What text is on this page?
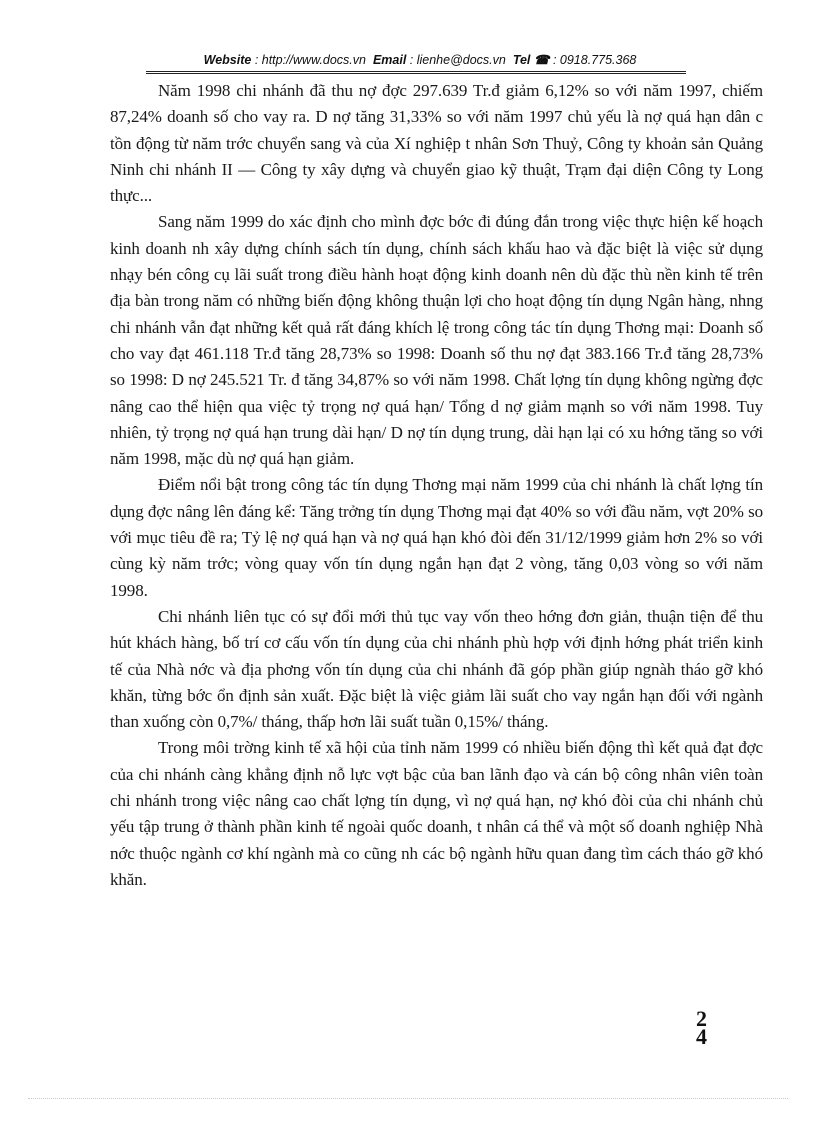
Website : http://www.docs.vn Email : lienhe@docs.vn Tel ☎ : 0918.775.368

Năm 1998 chi nhánh đã thu nợ đợc 297.639 Tr.đ giảm 6,12% so với năm 1997, chiếm 87,24% doanh số cho vay ra. D nợ tăng 31,33% so với năm 1997 chủ yếu là nợ quá hạn dân c tồn động từ năm trớc chuyển sang và của Xí nghiệp t nhân Sơn Thuỷ, Công ty khoản sản Quảng Ninh chi nhánh II — Công ty xây dựng và chuyển giao kỹ thuật, Trạm đại diện Công ty Long thực...

Sang năm 1999 do xác định cho mình đợc bớc đi đúng đắn trong việc thực hiện kế hoạch kinh doanh nh xây dựng chính sách tín dụng, chính sách khấu hao và đặc biệt là việc sử dụng nhạy bén công cụ lãi suất trong điều hành hoạt động kinh doanh nên dù đặc thù nền kinh tế trên địa bàn trong năm có những biến động không thuận lợi cho hoạt động tín dụng Ngân hàng, nhng chi nhánh vẫn đạt những kết quả rất đáng khích lệ trong công tác tín dụng Thơng mại: Doanh số cho vay đạt 461.118 Tr.đ tăng 28,73% so 1998: Doanh số thu nợ đạt 383.166 Tr.đ tăng 28,73% so 1998: D nợ 245.521 Tr. đ tăng 34,87% so với năm 1998. Chất lợng tín dụng không ngừng đợc nâng cao thể hiện qua việc tỷ trọng nợ quá hạn/ Tổng d nợ giảm mạnh so với năm 1998. Tuy nhiên, tỷ trọng nợ quá hạn trung dài hạn/ D nợ tín dụng trung, dài hạn lại có xu hớng tăng so với năm 1998, mặc dù nợ quá hạn giảm.

Điểm nổi bật trong công tác tín dụng Thơng mại năm 1999 của chi nhánh là chất lợng tín dụng đợc nâng lên đáng kể: Tăng trởng tín dụng Thơng mại đạt 40% so với đầu năm, vợt 20% so với mục tiêu đề ra; Tỷ lệ nợ quá hạn và nợ quá hạn khó đòi đến 31/12/1999 giảm hơn 2% so với cùng kỳ năm trớc; vòng quay vốn tín dụng ngắn hạn đạt 2 vòng, tăng 0,03 vòng so với năm 1998.

Chi nhánh liên tục có sự đổi mới thủ tục vay vốn theo hớng đơn giản, thuận tiện để thu hút khách hàng, bố trí cơ cấu vốn tín dụng của chi nhánh phù hợp với định hớng phát triển kinh tế của Nhà nớc và địa phơng vốn tín dụng của chi nhánh đã góp phần giúp ngnàh tháo gỡ khó khăn, từng bớc ổn định sản xuất. Đặc biệt là việc giảm lãi suất cho vay ngắn hạn đối với ngành than xuống còn 0,7%/ tháng, thấp hơn lãi suất tuần 0,15%/ tháng.

Trong môi trờng kinh tế xã hội của tỉnh năm 1999 có nhiều biến động thì kết quả đạt đợc của chi nhánh càng khẳng định nỗ lực vợt bậc của ban lãnh đạo và cán bộ công nhân viên toàn chi nhánh trong việc nâng cao chất lợng tín dụng, vì nợ quá hạn, nợ khó đòi của chi nhánh chủ yếu tập trung ở thành phần kinh tế ngoài quốc doanh, t nhân cá thể và một số doanh nghiệp Nhà nớc thuộc ngành cơ khí ngành mà co cũng nh các bộ ngành hữu quan đang tìm cách tháo gỡ khó khăn.

2
4
